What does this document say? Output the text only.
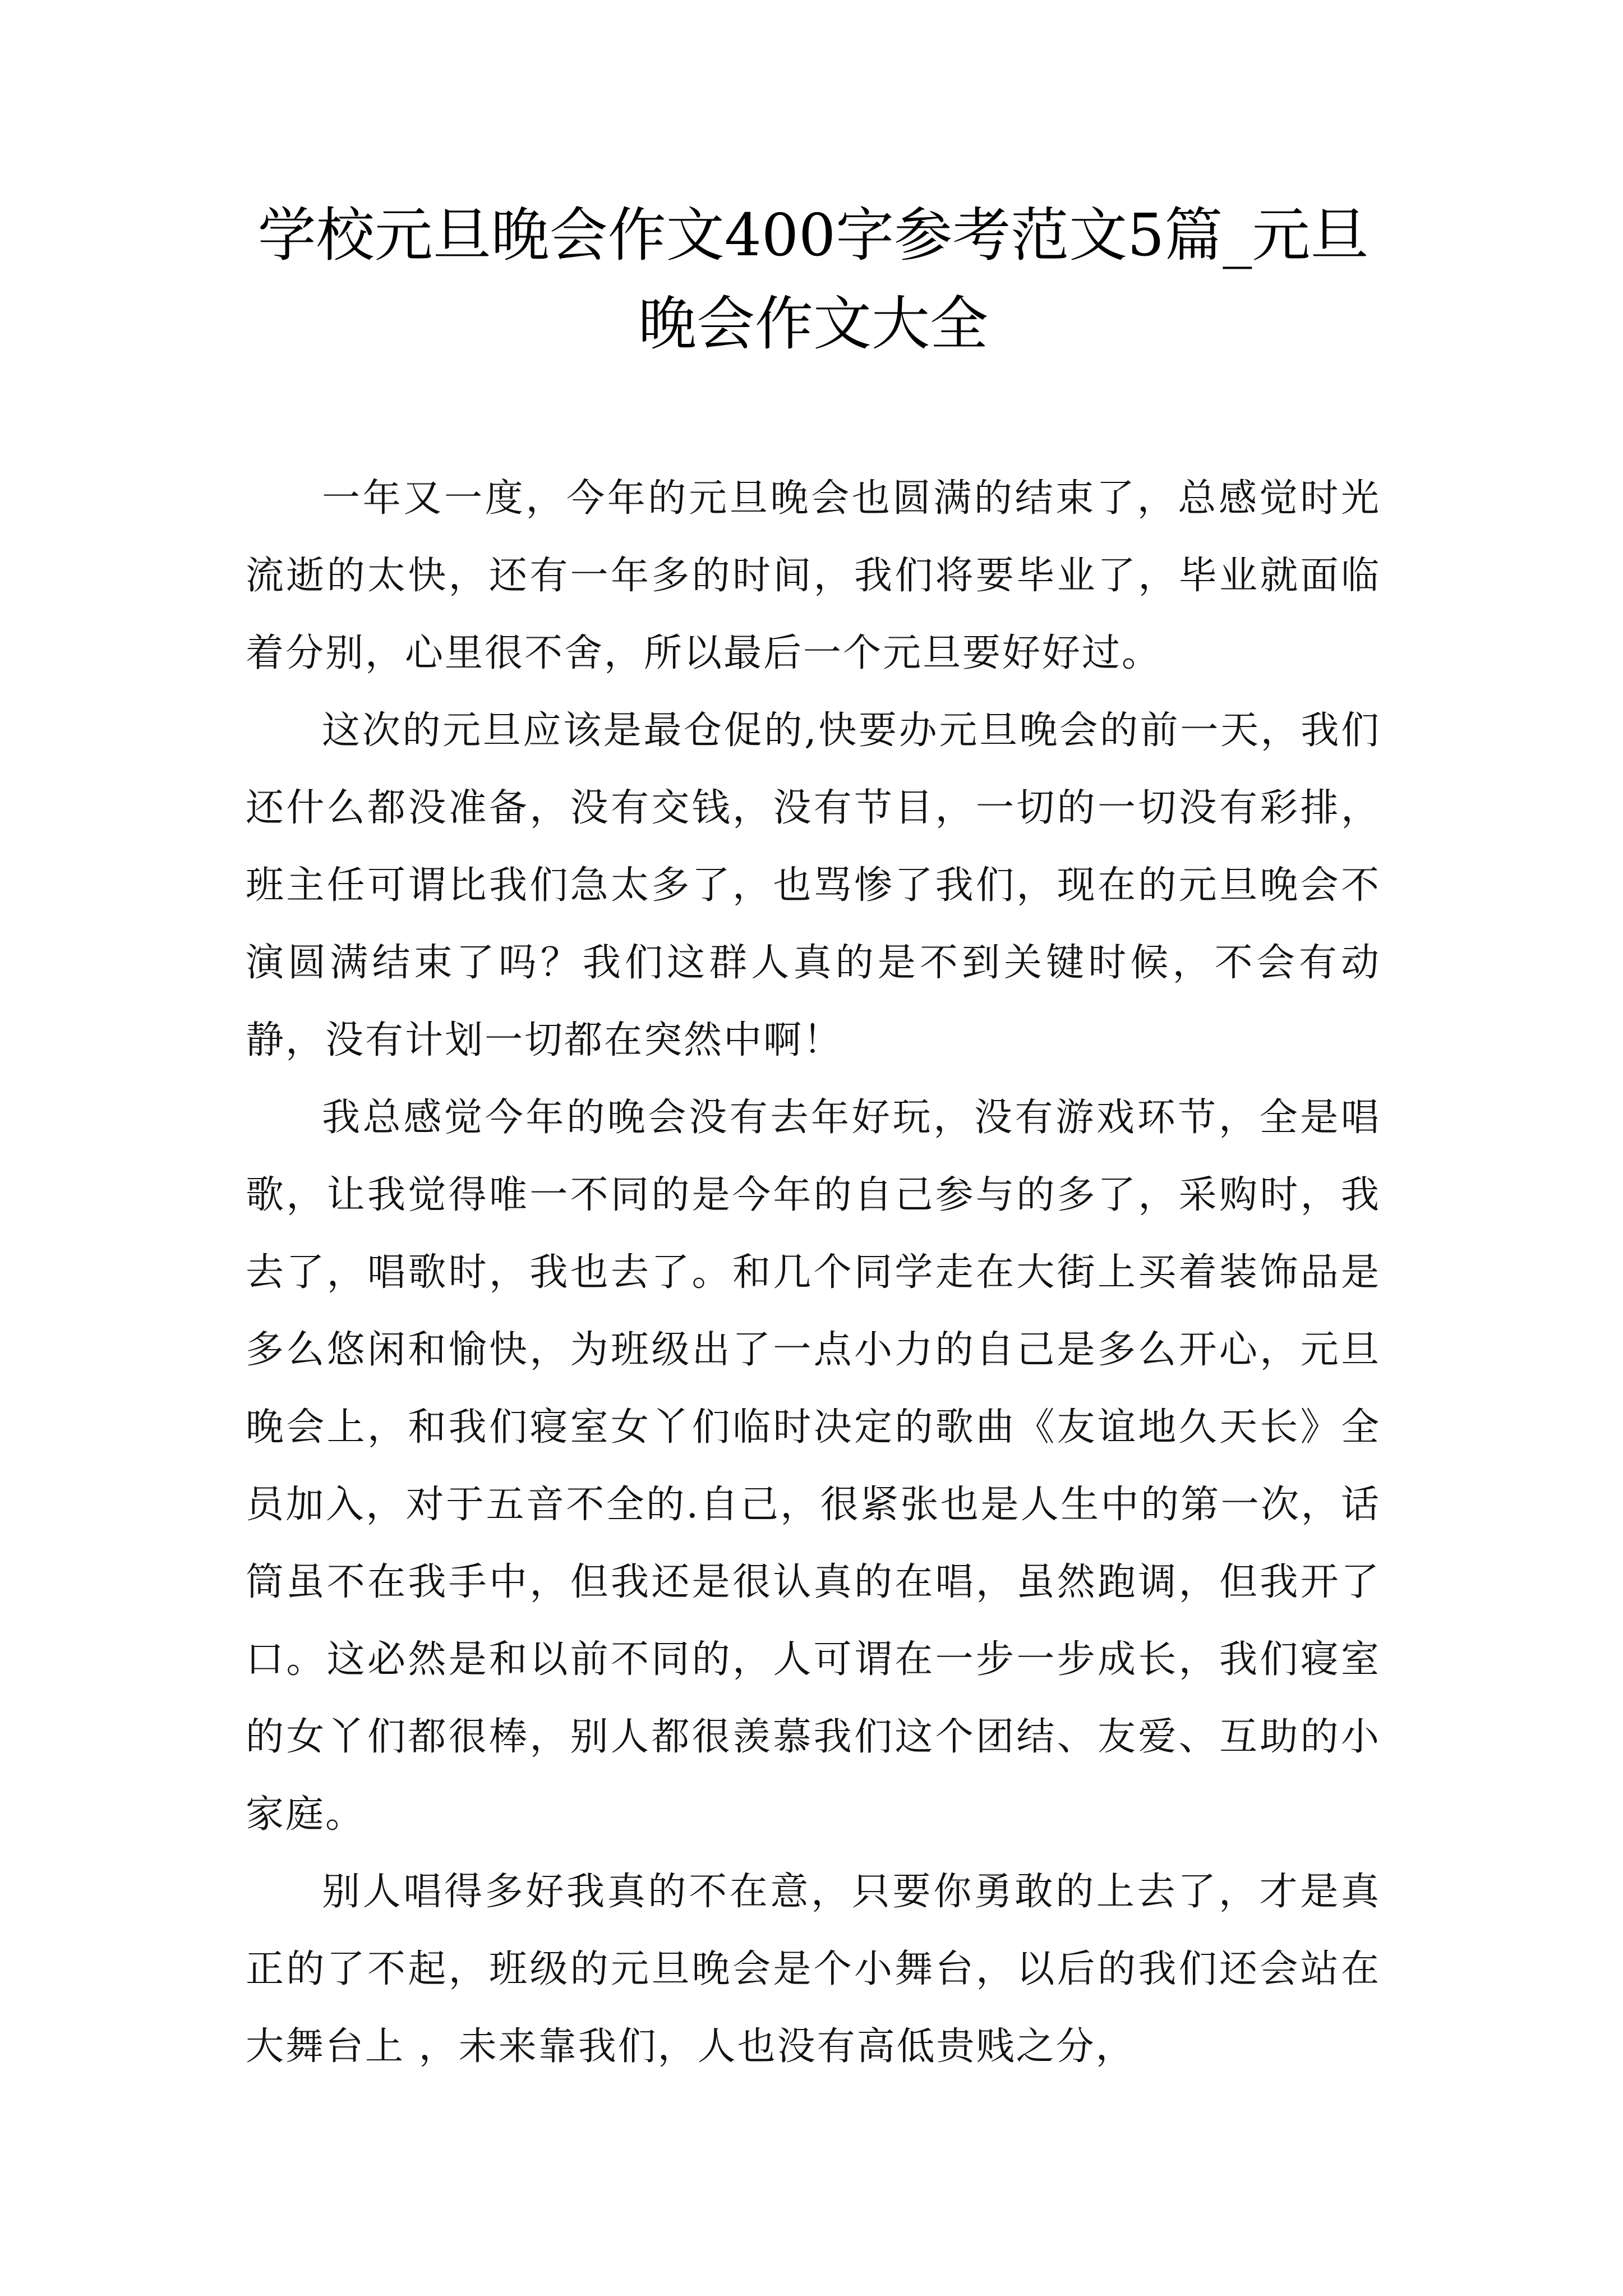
学校元旦晚会作文400字参考范文5篇_元旦晚会作文大全

一年又一度，今年的元旦晚会也圆满的结束了，总感觉时光流逝的太快，还有一年多的时间，我们将要毕业了，毕业就面临着分别，心里很不舍，所以最后一个元旦要好好过。

这次的元旦应该是最仓促的,快要办元旦晚会的前一天，我们还什么都没准备，没有交钱，没有节目，一切的一切没有彩排，班主任可谓比我们急太多了，也骂惨了我们，现在的元旦晚会不演圆满结束了吗？我们这群人真的是不到关键时候，不会有动静，没有计划一切都在突然中啊！

我总感觉今年的晚会没有去年好玩，没有游戏环节，全是唱歌，让我觉得唯一不同的是今年的自己参与的多了，采购时，我去了，唱歌时，我也去了。和几个同学走在大街上买着装饰品是多么悠闲和愉快，为班级出了一点小力的自己是多么开心，元旦晚会上，和我们寝室女丫们临时决定的歌曲《友谊地久天长》全员加入，对于五音不全的.自己，很紧张也是人生中的第一次，话筒虽不在我手中，但我还是很认真的在唱，虽然跑调，但我开了口。这必然是和以前不同的，人可谓在一步一步成长，我们寝室的女丫们都很棒，别人都很羡慕我们这个团结、友爱、互助的小家庭。

别人唱得多好我真的不在意，只要你勇敢的上去了，才是真正的了不起，班级的元旦晚会是个小舞台，以后的我们还会站在大舞台上 ，未来靠我们，人也没有高低贵贱之分，
